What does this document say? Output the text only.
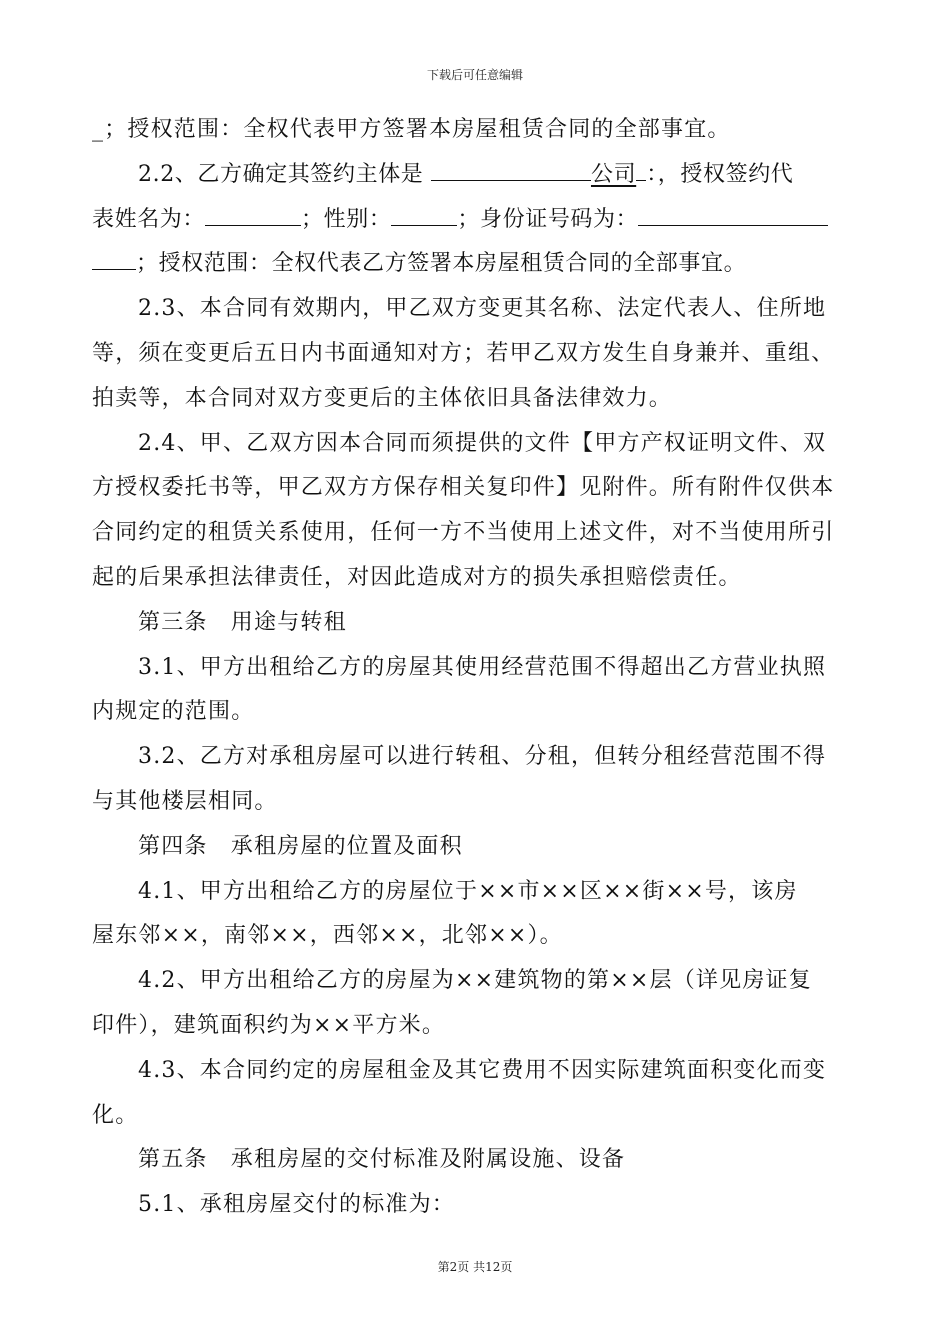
下载后可任意编辑
_；授权范围：全权代表甲方签署本房屋租赁合同的全部事宜。
2.2、乙方确定其签约主体是	公司 ：，授权签约代
表姓名为：	；性别：	；身份证号码为：
；授权范围：全权代表乙方签署本房屋租赁合同的全部事宜。
2.3、本合同有效期内，甲乙双方变更其名称、法定代表人、住所地
等，须在变更后五日内书面通知对方；若甲乙双方发生自身兼并、重组、
拍卖等，本合同对双方变更后的主体依旧具备法律效力。
2.4、甲、乙双方因本合同而须提供的文件【甲方产权证明文件、双
方授权委托书等，甲乙双方方保存相关复印件】见附件。所有附件仅供本
合同约定的租赁关系使用，任何一方不当使用上述文件，对不当使用所引
起的后果承担法律责任，对因此造成对方的损失承担赔偿责任。
第三条　用途与转租
3.1、甲方出租给乙方的房屋其使用经营范围不得超出乙方营业执照
内规定的范围。
3.2、乙方对承租房屋可以进行转租、分租，但转分租经营范围不得
与其他楼层相同。
第四条　承租房屋的位置及面积
4.1、甲方出租给乙方的房屋位于××市××区××街××号，该房
屋东邻××，南邻××，西邻××，北邻××）。
4.2、甲方出租给乙方的房屋为××建筑物的第××层（详见房证复
印件），建筑面积约为××平方米。
4.3、本合同约定的房屋租金及其它费用不因实际建筑面积变化而变
化。
第五条　承租房屋的交付标准及附属设施、设备
5.1、承租房屋交付的标准为：
第2页 共12页
